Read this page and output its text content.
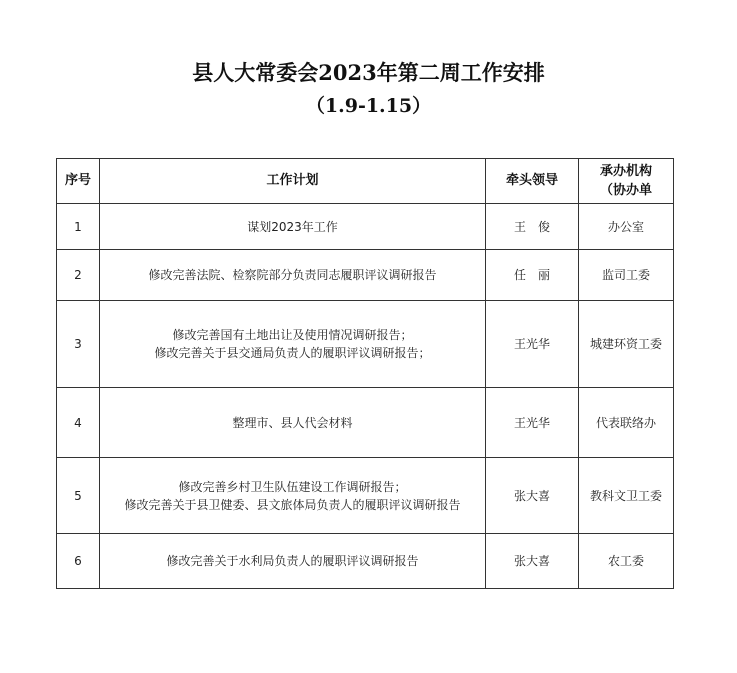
县人大常委会2023年第二周工作安排
（1.9-1.15）
序号	工作计划	牵头领导	承办机构
（协办单

1	谋划2023年工作	王　俊	办公室
2	修改完善法院、检察院部分负责同志履职评议调研报告	任　丽	监司工委
3	修改完善国有土地出让及使用情况调研报告；
修改完善关于县交通局负责人的履职评议调研报告；	王光华	城建环资工委
4	整理市、县人代会材料	王光华	代表联络办
5	修改完善乡村卫生队伍建设工作调研报告；
修改完善关于县卫健委、县文旅体局负责人的履职评议调研报告	张大喜	教科文卫工委
6	修改完善关于水利局负责人的履职评议调研报告	张大喜	农工委
